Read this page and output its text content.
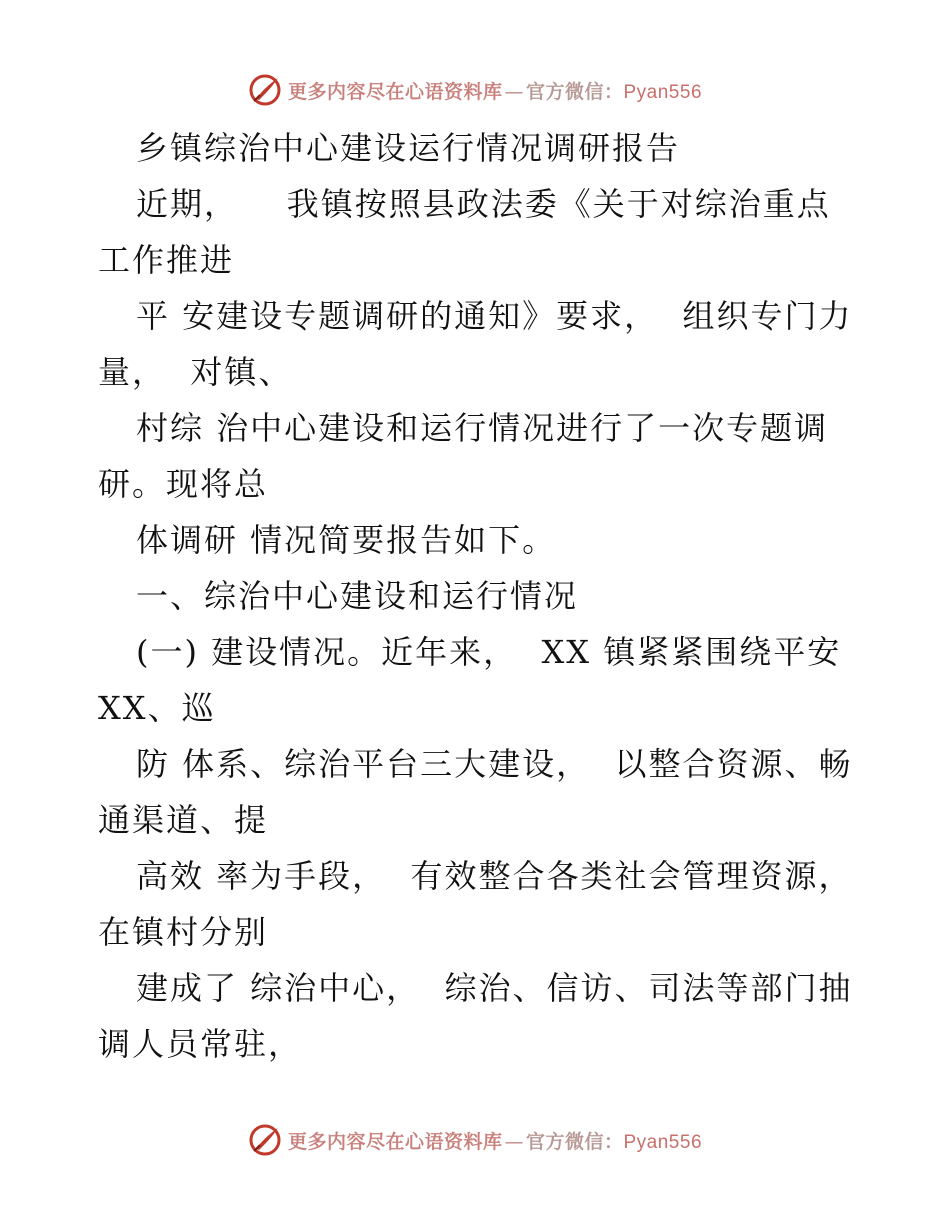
更多内容尽在心语资料库 — 官方微信：Pyan556

乡镇综治中心建设运行情况调研报告

近期，    我镇按照县政法委《关于对综治重点工作推进

平 安建设专题调研的通知》要求，  组织专门力量，  对镇、

村综 治中心建设和运行情况进行了一次专题调研。现将总

体调研 情况简要报告如下。

一、综治中心建设和运行情况

(一) 建设情况。近年来，  XX 镇紧紧围绕平安 XX、巡

防 体系、综治平台三大建设，  以整合资源、畅通渠道、提

高效 率为手段，  有效整合各类社会管理资源，在镇村分别

建成了 综治中心，  综治、信访、司法等部门抽调人员常驻，

更多内容尽在心语资料库 — 官方微信：Pyan556
